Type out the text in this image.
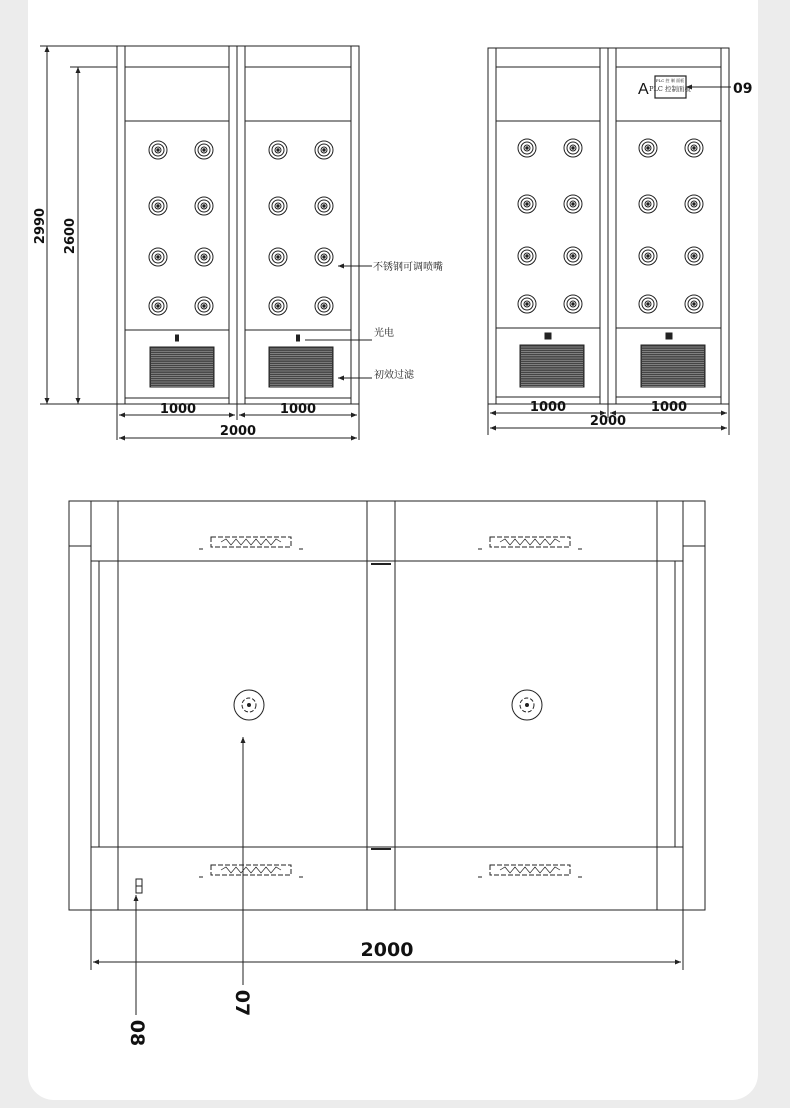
2990 2600
1000	1000
2000
不锈钢可调喷嘴
光电
初效过滤
A
PLC 控 制 面板
PLC 控制面板	09
1000	1000
2000
2000
07
08
